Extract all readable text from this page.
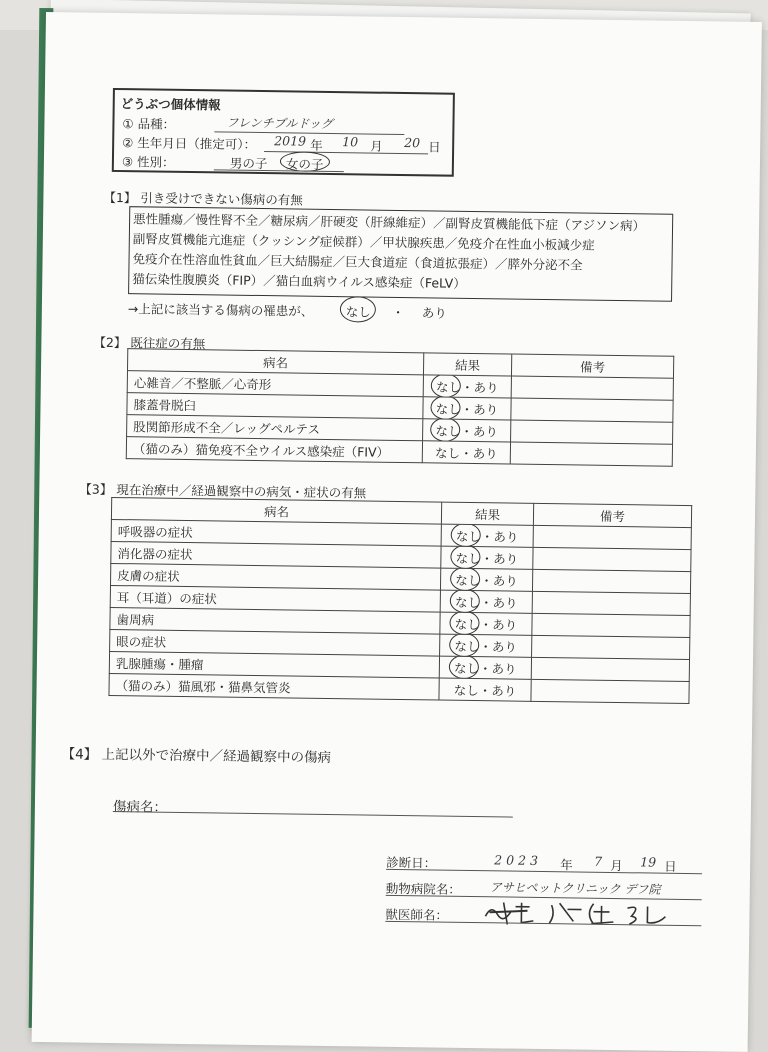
どうぶつ個体情報
① 品種：	フレンチブルドッグ
② 生年月日（推定可）： 2019 年 10 月 20 日
③ 性別：	男の子 女の子
【1】 引き受けできない傷病の有無
悪性腫瘍／慢性腎不全／糖尿病／肝硬変（肝線維症）／副腎皮質機能低下症（アジソン病）
副腎皮質機能亢進症（クッシング症候群）／甲状腺疾患／免疫介在性血小板減少症
免疫介在性溶血性貧血／巨大結腸症／巨大食道症（食道拡張症）／膵外分泌不全
猫伝染性腹膜炎（FIP）／猫白血病ウイルス感染症（FeLV）
→上記に該当する傷病の罹患が、	なし ・ あり
【2】 既往症の有無
病名	結果	備考
心雑音／不整脈／心奇形	なし・あり	
膝蓋骨脱臼	なし・あり	
股関節形成不全／レッグペルテス	なし・あり	
（猫のみ）猫免疫不全ウイルス感染症（FIV）	なし・あり	
【3】 現在治療中／経過観察中の病気・症状の有無
病名	結果	備考
呼吸器の症状	なし・あり	
消化器の症状	なし・あり	
皮膚の症状	なし・あり	
耳（耳道）の症状	なし・あり	
歯周病	なし・あり	
眼の症状	なし・あり	
乳腺腫瘍・腫瘤	なし・あり	
（猫のみ）猫風邪・猫鼻気管炎	なし・あり	
【4】 上記以外で治療中／経過観察中の傷病
傷病名：
診断日：	2023 年 7 月 19 日
動物病院名： アサヒペットクリニック デフ院
獣医師名：
